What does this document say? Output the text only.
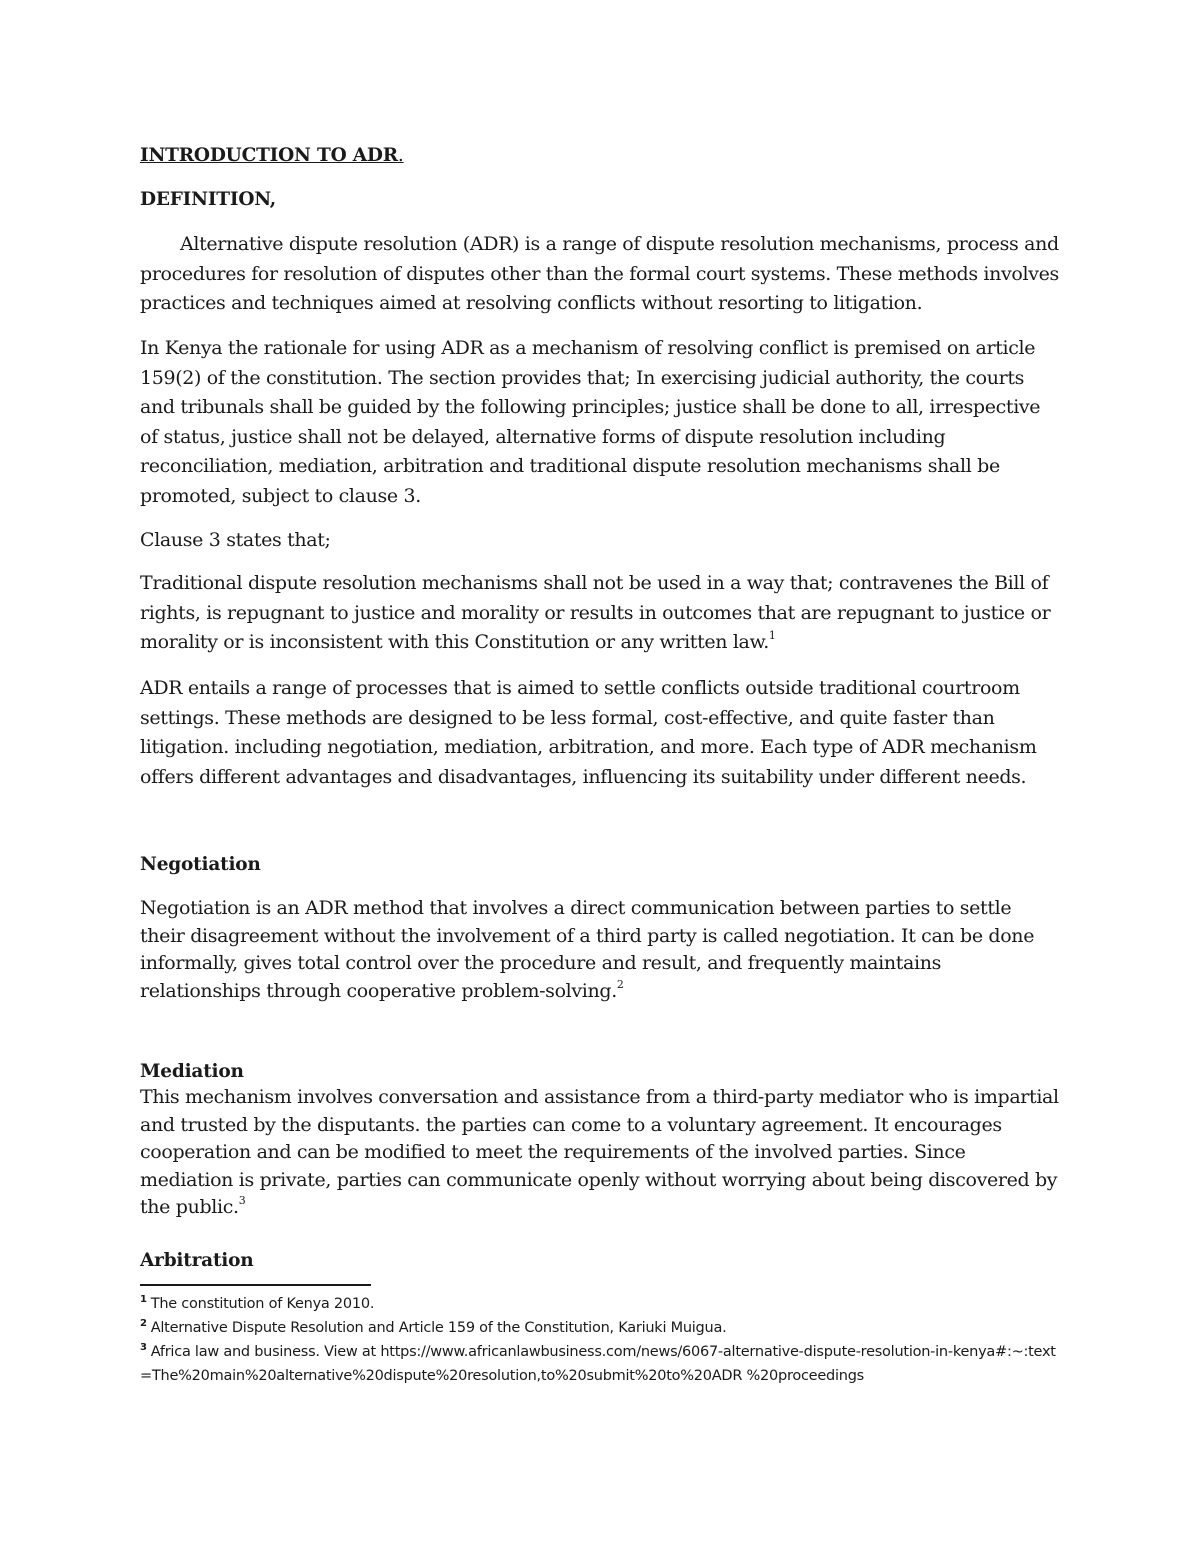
INTRODUCTION TO ADR.
DEFINITION,

Alternative dispute resolution (ADR) is a range of dispute resolution mechanisms, process and procedures for resolution of disputes other than the formal court systems. These methods involves practices and techniques aimed at resolving conflicts without resorting to litigation.

In Kenya the rationale for using ADR as a mechanism of resolving conflict is premised on article 159(2) of the constitution. The section provides that; In exercising judicial authority, the courts and tribunals shall be guided by the following principles; justice shall be done to all, irrespective of status, justice shall not be delayed, alternative forms of dispute resolution including reconciliation, mediation, arbitration and traditional dispute resolution mechanisms shall be promoted, subject to clause 3.

Clause 3 states that;

Traditional dispute resolution mechanisms shall not be used in a way that; contravenes the Bill of rights, is repugnant to justice and morality or results in outcomes that are repugnant to justice or morality or is inconsistent with this Constitution or any written law.$^1$

ADR entails a range of processes that is aimed to settle conflicts outside traditional courtroom settings. These methods are designed to be less formal, cost-effective, and quite faster than litigation. including negotiation, mediation, arbitration, and more. Each type of ADR mechanism offers different advantages and disadvantages, influencing its suitability under different needs.

Negotiation

Negotiation is an ADR method that involves a direct communication between parties to settle their disagreement without the involvement of a third party is called negotiation. It can be done informally, gives total control over the procedure and result, and frequently maintains relationships through cooperative problem-solving.$^2$

Mediation

This mechanism involves conversation and assistance from a third-party mediator who is impartial and trusted by the disputants. the parties can come to a voluntary agreement. It encourages cooperation and can be modified to meet the requirements of the involved parties. Since mediation is private, parties can communicate openly without worrying about being discovered by the public.$^3$

Arbitration

$^1$ The constitution of Kenya 2010.

$^2$ Alternative Dispute Resolution and Article 159 of the Constitution, Kariuki Muigua.

$^3$ Africa law and business. View at https://www.africanlawbusiness.com/news/6067-alternative-dispute-resolution-in-kenya#:~:text=The%20main%20alternative%20dispute%20resolution,to%20submit%20to%20ADR %20proceedings
